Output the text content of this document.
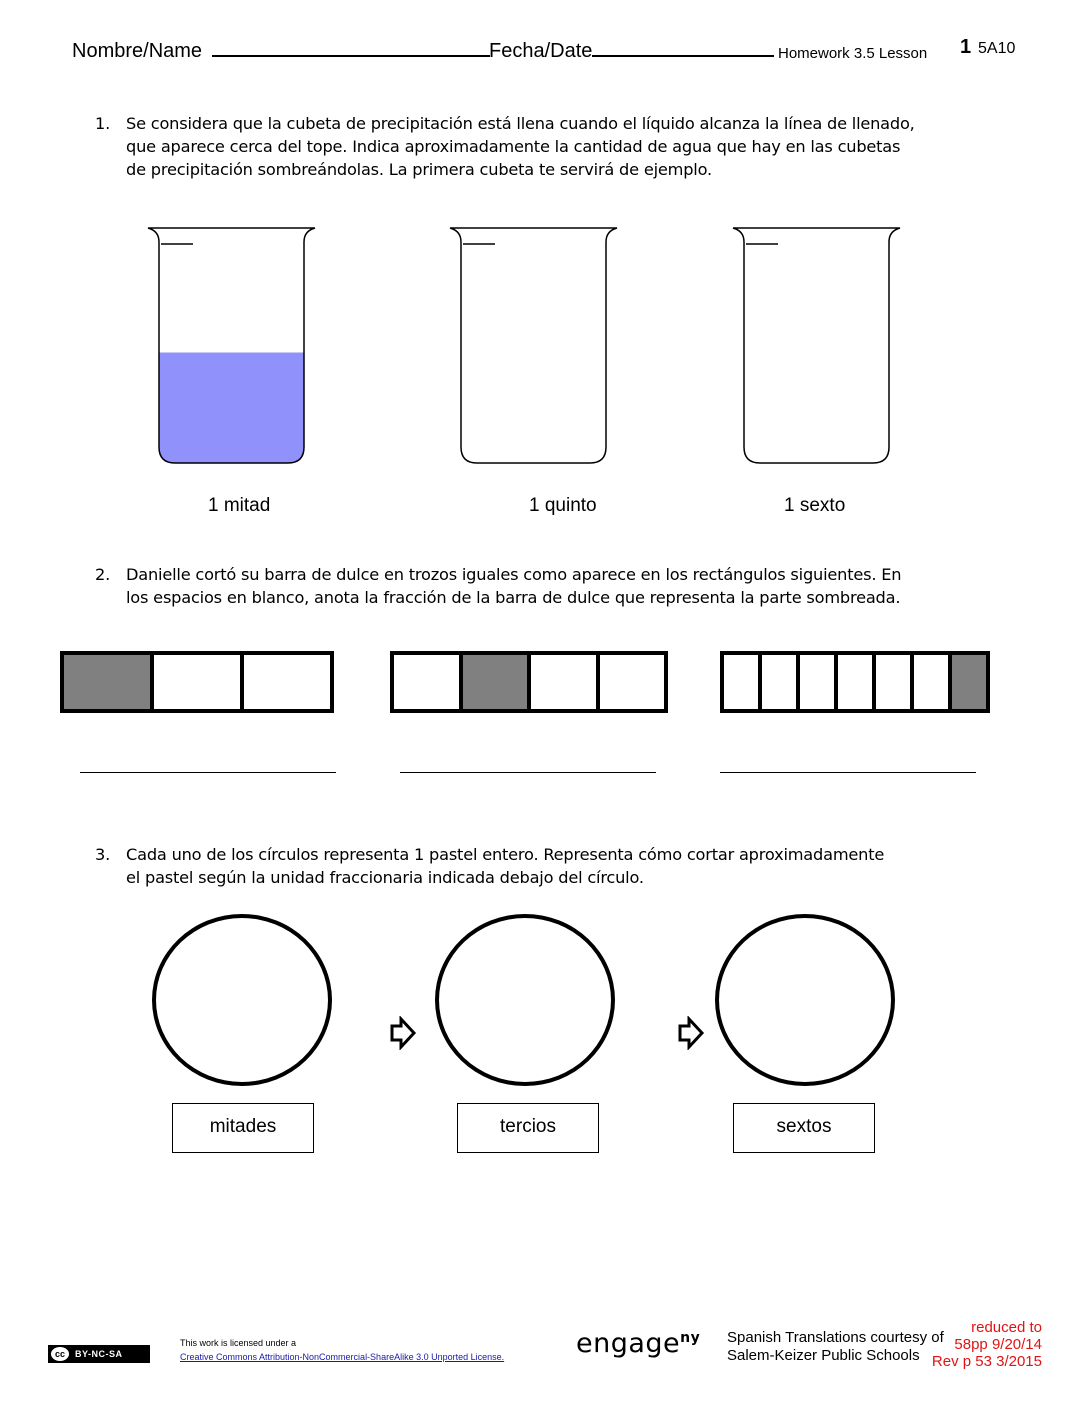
Nombre/Name	Fecha/Date	Homework 3.5 Lesson 1 5A10
1. Se considera que la cubeta de precipitación está llena cuando el líquido alcanza la línea de llenado,
que aparece cerca del tope. Indica aproximadamente la cantidad de agua que hay en las cubetas
de precipitación sombreándolas. La primera cubeta te servirá de ejemplo.
1 mitad	1 quinto	1 sexto
2. Danielle cortó su barra de dulce en trozos iguales como aparece en los rectángulos siguientes. En
los espacios en blanco, anota la fracción de la barra de dulce que representa la parte sombreada.
3. Cada uno de los círculos representa 1 pastel entero. Representa cómo cortar aproximadamente
el pastel según la unidad fraccionaria indicada debajo del círculo.
mitades	tercios	sextos
cc	BY-NC-SA
This work is licensed under a
Creative Commons Attribution-NonCommercial-ShareAlike 3.0 Unported License.	engage$^{ny}$ Spanish Translations courtesy of
Salem-Keizer Public Schools
reduced to
58pp 9/20/14
Rev p 53 3/2015
